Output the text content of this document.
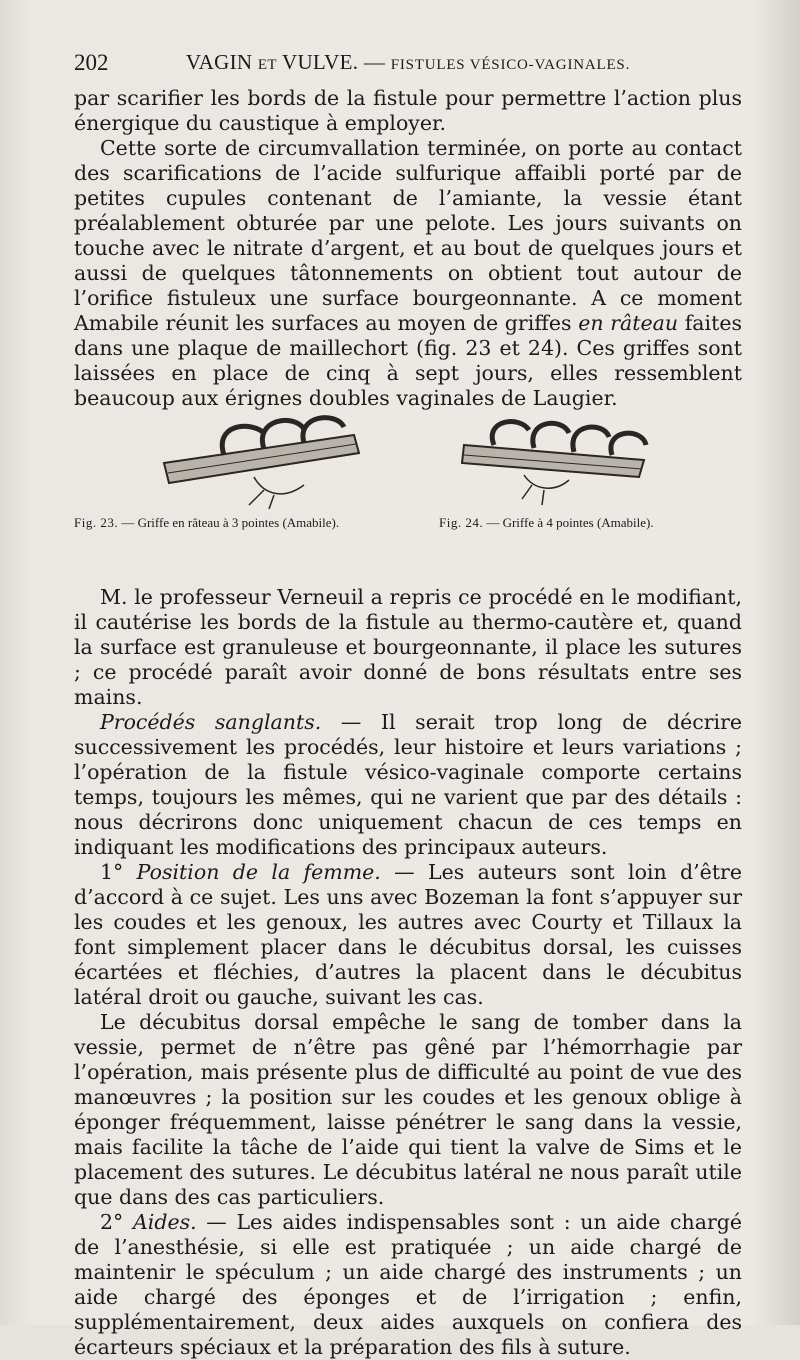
202	VAGIN ET VULVE. — FISTULES VÉSICO-VAGINALES.

par scarifier les bords de la fistule pour permettre l’action plus énergique du caustique à employer.

Cette sorte de circumvallation terminée, on porte au contact des scarifications de l’acide sulfurique affaibli porté par de petites cupules contenant de l’amiante, la vessie étant préalablement obturée par une pelote. Les jours suivants on touche avec le nitrate d’argent, et au bout de quelques jours et aussi de quelques tâtonnements on obtient tout autour de l’orifice fistuleux une surface bourgeonnante. A ce moment Amabile réunit les surfaces au moyen de griffes en râteau faites dans une plaque de maillechort (fig. 23 et 24). Ces griffes sont laissées en place de cinq à sept jours, elles ressemblent beaucoup aux érignes doubles vaginales de Laugier.

Fig. 23. — Griffe en râteau à 3 pointes (Amabile).	Fig. 24. — Griffe à 4 pointes (Amabile).

M. le professeur Verneuil a repris ce procédé en le modifiant, il cautérise les bords de la fistule au thermo-cautère et, quand la surface est granuleuse et bourgeonnante, il place les sutures ; ce procédé paraît avoir donné de bons résultats entre ses mains.

Procédés sanglants. — Il serait trop long de décrire successivement les procédés, leur histoire et leurs variations ; l’opération de la fistule vésico-vaginale comporte certains temps, toujours les mêmes, qui ne varient que par des détails : nous décrirons donc uniquement chacun de ces temps en indiquant les modifications des principaux auteurs.

1° Position de la femme. — Les auteurs sont loin d’être d’accord à ce sujet. Les uns avec Bozeman la font s’appuyer sur les coudes et les genoux, les autres avec Courty et Tillaux la font simplement placer dans le décubitus dorsal, les cuisses écartées et fléchies, d’autres la placent dans le décubitus latéral droit ou gauche, suivant les cas.

Le décubitus dorsal empêche le sang de tomber dans la vessie, permet de n’être pas gêné par l’hémorrhagie par l’opération, mais présente plus de difficulté au point de vue des manœuvres ; la position sur les coudes et les genoux oblige à éponger fréquemment, laisse pénétrer le sang dans la vessie, mais facilite la tâche de l’aide qui tient la valve de Sims et le placement des sutures. Le décubitus latéral ne nous paraît utile que dans des cas particuliers.

2° Aides. — Les aides indispensables sont : un aide chargé de l’anesthésie, si elle est pratiquée ; un aide chargé de maintenir le spéculum ; un aide chargé des instruments ; un aide chargé des éponges et de l’irrigation ; enfin, supplémentairement, deux aides auxquels on confiera des écarteurs spéciaux et la préparation des fils à suture.
